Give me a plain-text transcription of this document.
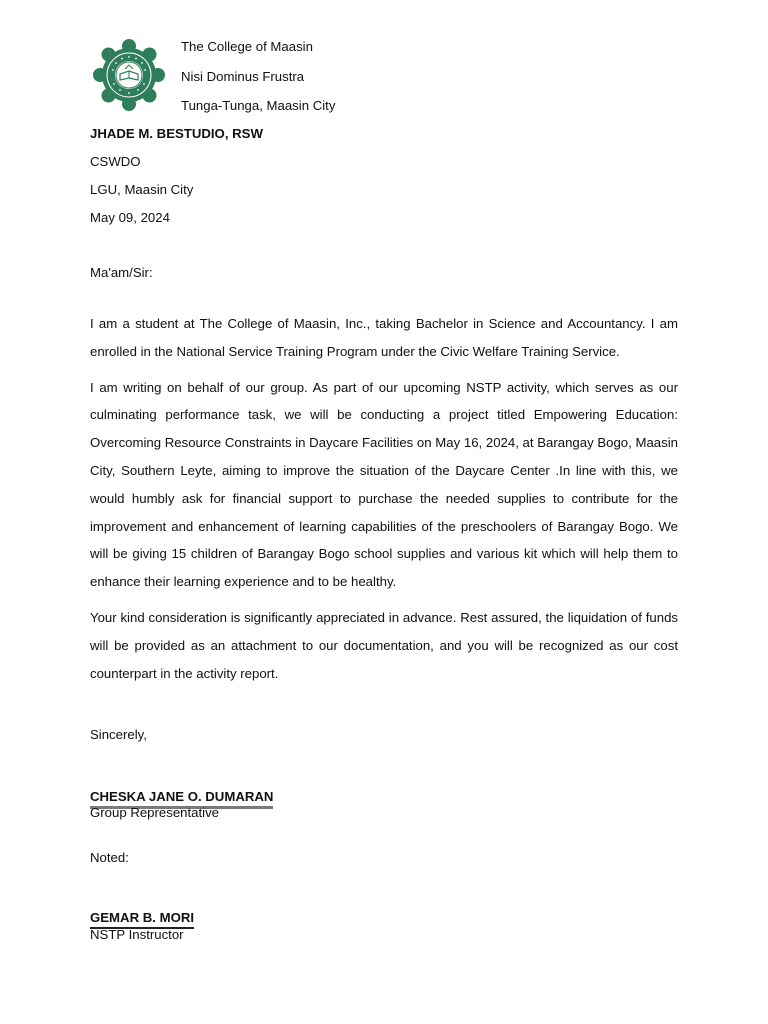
The College of Maasin
Nisi Dominus Frustra
Tunga-Tunga, Maasin City
JHADE M. BESTUDIO, RSW
CSWDO
LGU, Maasin City
May 09, 2024
Ma'am/Sir:

I am a student at The College of Maasin, Inc., taking Bachelor in Science and Accountancy. I am enrolled in the National Service Training Program under the Civic Welfare Training Service.

I am writing on behalf of our group. As part of our upcoming NSTP activity, which serves as our culminating performance task, we will be conducting a project titled Empowering Education: Overcoming Resource Constraints in Daycare Facilities on May 16, 2024, at Barangay Bogo, Maasin City, Southern Leyte, aiming to improve the situation of the Daycare Center .In line with this, we would humbly ask for financial support to purchase the needed supplies to contribute for the improvement and enhancement of learning capabilities of the preschoolers of Barangay Bogo. We will be giving 15 children of Barangay Bogo school supplies and various kit which will help them to enhance their learning experience and to be healthy.

Your kind consideration is significantly appreciated in advance. Rest assured, the liquidation of funds will be provided as an attachment to our documentation, and you will be recognized as our cost counterpart in the activity report.

Sincerely,
CHESKA JANE O. DUMARAN
Group Representative
Noted:
GEMAR B. MORI
NSTP Instructor
